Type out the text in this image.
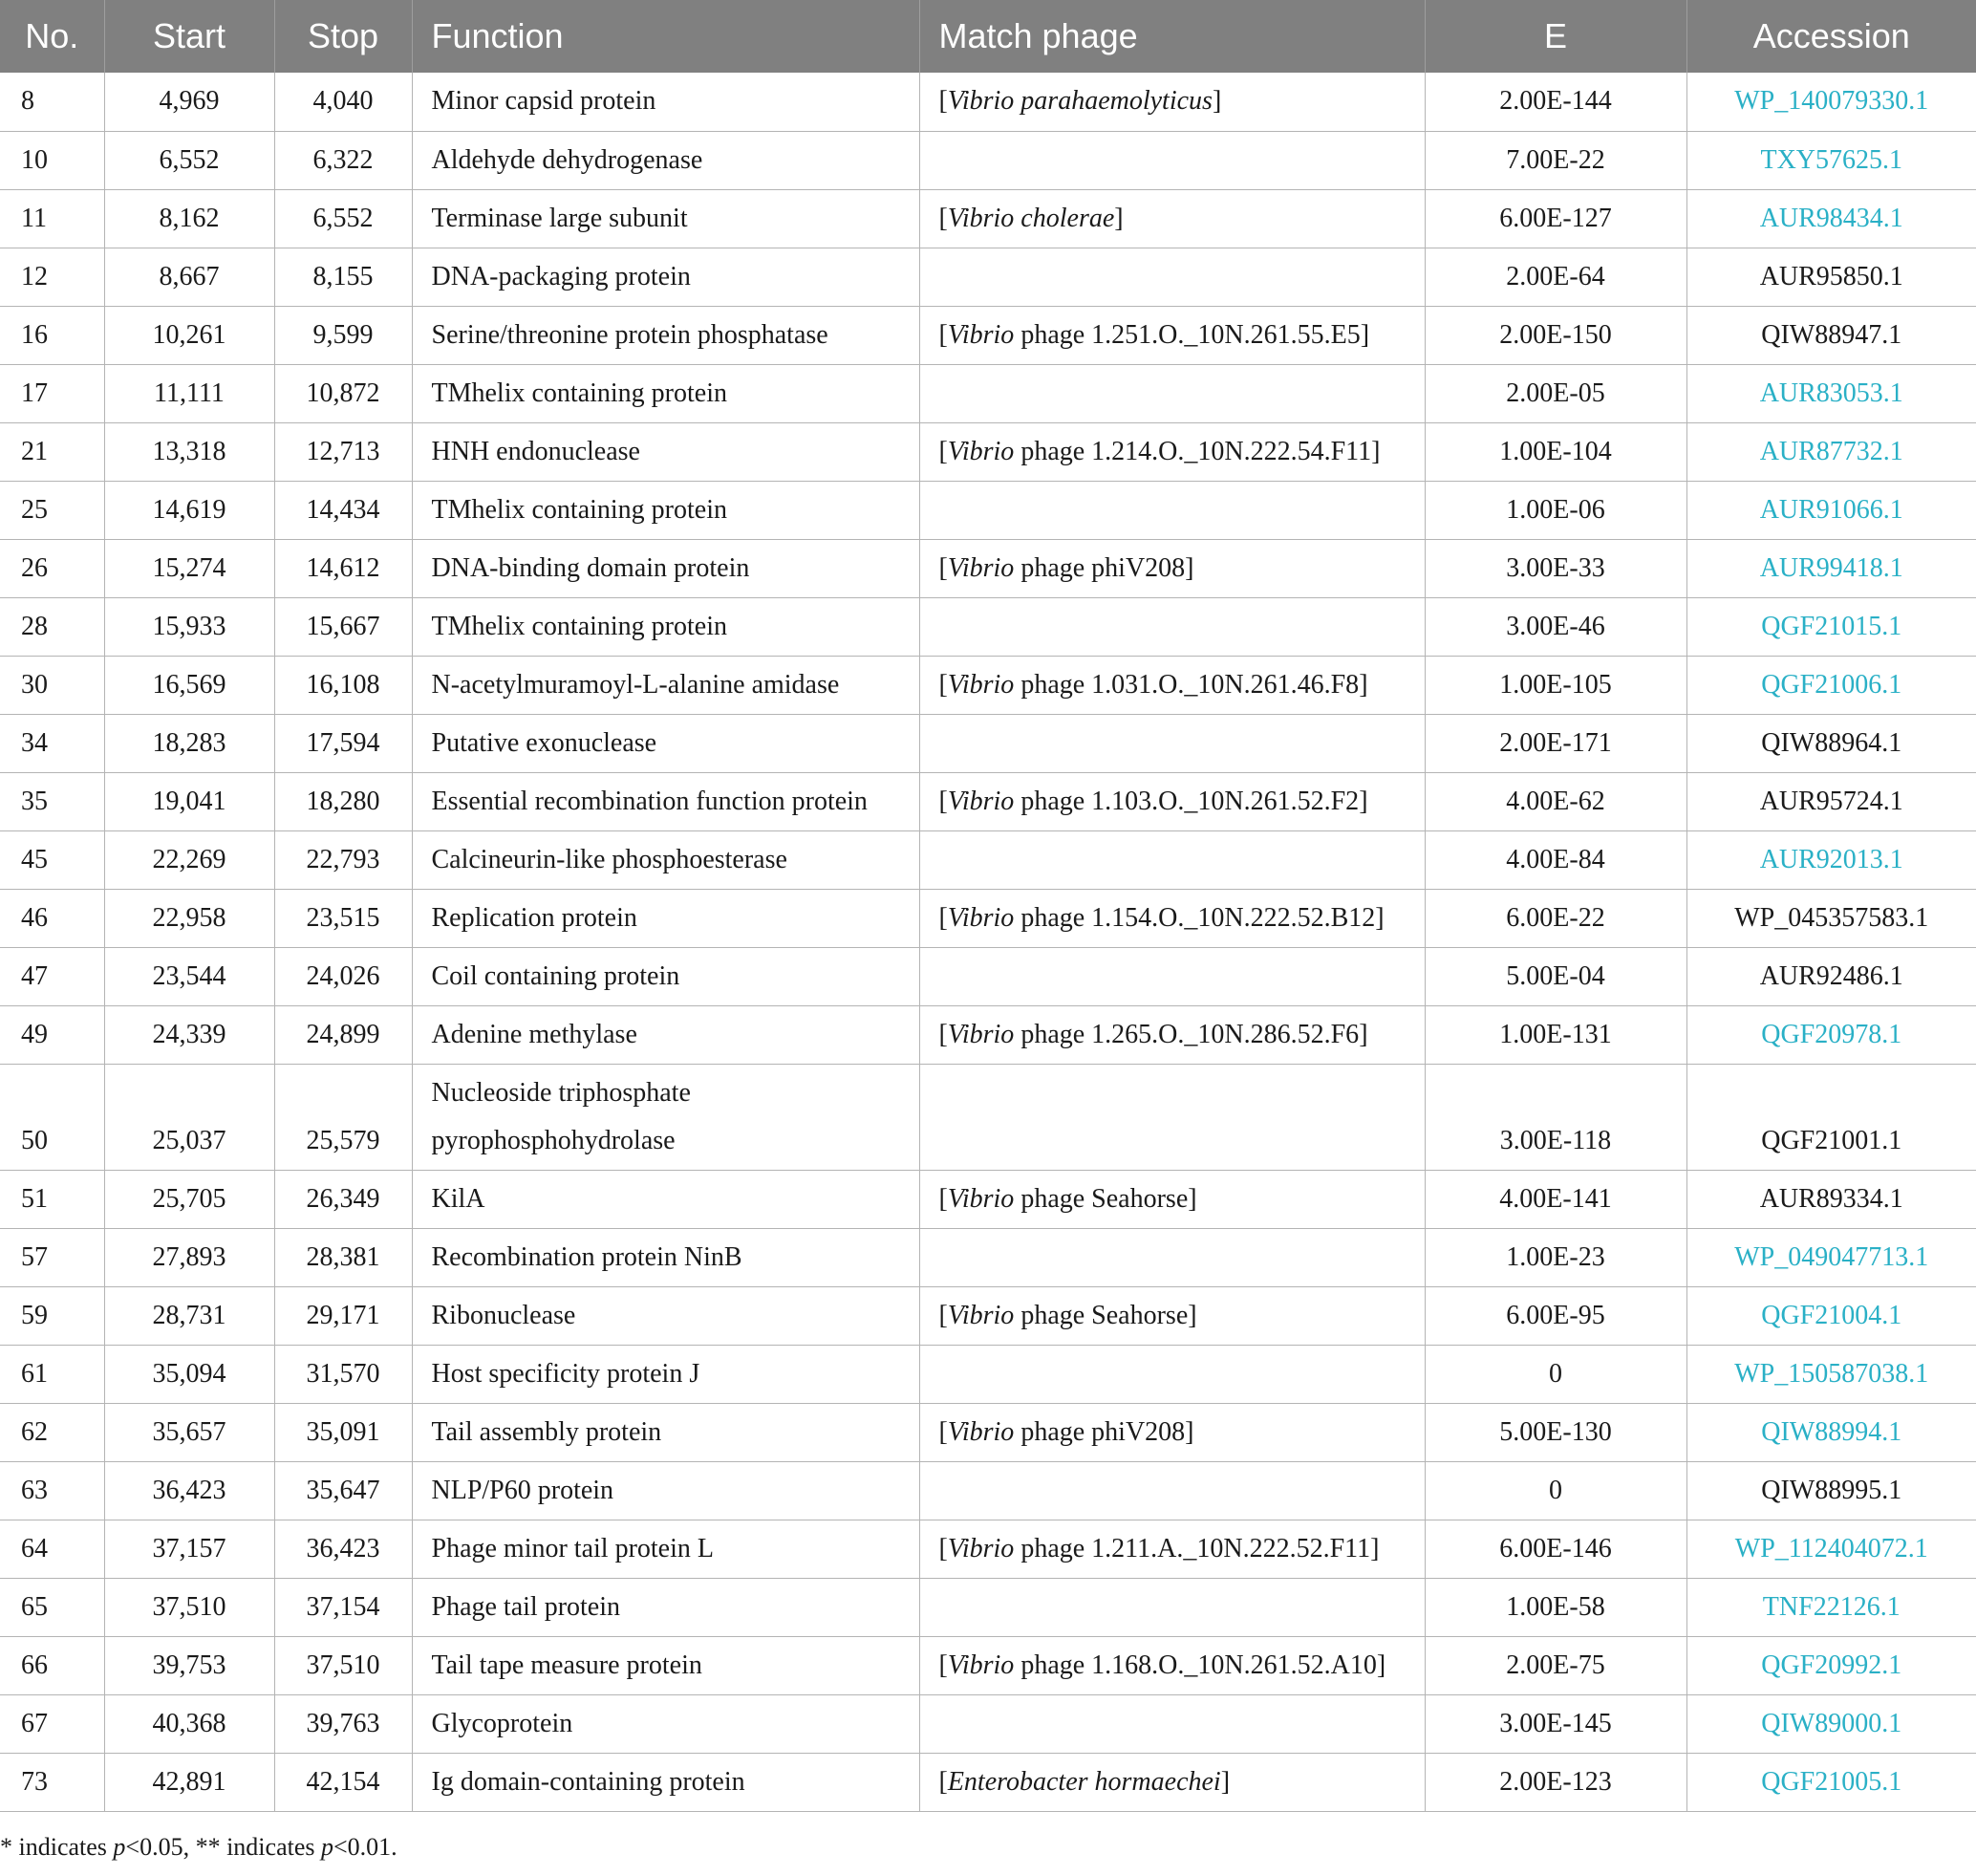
No.	Start	Stop	Function	Match phage	E	Accession
8	4,969	4,040	Minor capsid protein	[Vibrio parahaemolyticus]	2.00E-144	WP_140079330.1
10	6,552	6,322	Aldehyde dehydrogenase		7.00E-22	TXY57625.1
11	8,162	6,552	Terminase large subunit	[Vibrio cholerae]	6.00E-127	AUR98434.1
12	8,667	8,155	DNA-packaging protein		2.00E-64	AUR95850.1
16	10,261	9,599	Serine/threonine protein phosphatase	[Vibrio phage 1.251.O._10N.261.55.E5]	2.00E-150	QIW88947.1
17	11,111	10,872	TMhelix containing protein		2.00E-05	AUR83053.1
21	13,318	12,713	HNH endonuclease	[Vibrio phage 1.214.O._10N.222.54.F11]	1.00E-104	AUR87732.1
25	14,619	14,434	TMhelix containing protein		1.00E-06	AUR91066.1
26	15,274	14,612	DNA-binding domain protein	[Vibrio phage phiV208]	3.00E-33	AUR99418.1
28	15,933	15,667	TMhelix containing protein		3.00E-46	QGF21015.1
30	16,569	16,108	N-acetylmuramoyl-L-alanine amidase	[Vibrio phage 1.031.O._10N.261.46.F8]	1.00E-105	QGF21006.1
34	18,283	17,594	Putative exonuclease		2.00E-171	QIW88964.1
35	19,041	18,280	Essential recombination function protein	[Vibrio phage 1.103.O._10N.261.52.F2]	4.00E-62	AUR95724.1
45	22,269	22,793	Calcineurin-like phosphoesterase		4.00E-84	AUR92013.1
46	22,958	23,515	Replication protein	[Vibrio phage 1.154.O._10N.222.52.B12]	6.00E-22	WP_045357583.1
47	23,544	24,026	Coil containing protein		5.00E-04	AUR92486.1
49	24,339	24,899	Adenine methylase	[Vibrio phage 1.265.O._10N.286.52.F6]	1.00E-131	QGF20978.1
50	25,037	25,579	Nucleoside triphosphate pyrophosphohydrolase		3.00E-118	QGF21001.1
51	25,705	26,349	KilA	[Vibrio phage Seahorse]	4.00E-141	AUR89334.1
57	27,893	28,381	Recombination protein NinB		1.00E-23	WP_049047713.1
59	28,731	29,171	Ribonuclease	[Vibrio phage Seahorse]	6.00E-95	QGF21004.1
61	35,094	31,570	Host specificity protein J		0	WP_150587038.1
62	35,657	35,091	Tail assembly protein	[Vibrio phage phiV208]	5.00E-130	QIW88994.1
63	36,423	35,647	NLP/P60 protein		0	QIW88995.1
64	37,157	36,423	Phage minor tail protein L	[Vibrio phage 1.211.A._10N.222.52.F11]	6.00E-146	WP_112404072.1
65	37,510	37,154	Phage tail protein		1.00E-58	TNF22126.1
66	39,753	37,510	Tail tape measure protein	[Vibrio phage 1.168.O._10N.261.52.A10]	2.00E-75	QGF20992.1
67	40,368	39,763	Glycoprotein		3.00E-145	QIW89000.1
73	42,891	42,154	Ig domain-containing protein	[Enterobacter hormaechei]	2.00E-123	QGF21005.1
* indicates p<0.05, ** indicates p<0.01.
